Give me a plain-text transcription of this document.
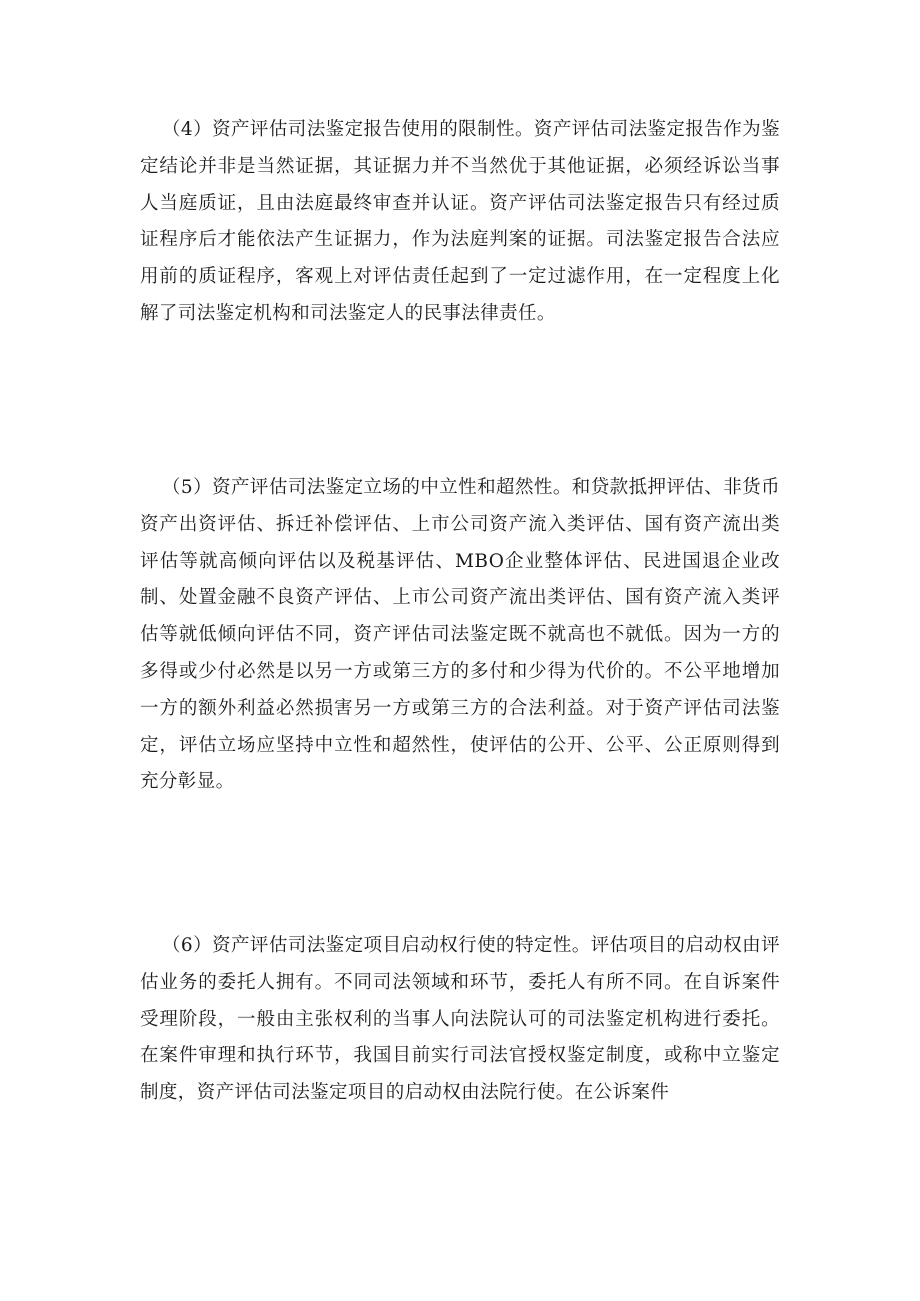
（4）资产评估司法鉴定报告使用的限制性。资产评估司法鉴定报告作为鉴定结论并非是当然证据，其证据力并不当然优于其他证据，必须经诉讼当事人当庭质证，且由法庭最终审查并认证。资产评估司法鉴定报告只有经过质证程序后才能依法产生证据力，作为法庭判案的证据。司法鉴定报告合法应用前的质证程序，客观上对评估责任起到了一定过滤作用，在一定程度上化解了司法鉴定机构和司法鉴定人的民事法律责任。

（5）资产评估司法鉴定立场的中立性和超然性。和贷款抵押评估、非货币资产出资评估、拆迁补偿评估、上市公司资产流入类评估、国有资产流出类评估等就高倾向评估以及税基评估、MBO企业整体评估、民进国退企业改制、处置金融不良资产评估、上市公司资产流出类评估、国有资产流入类评估等就低倾向评估不同，资产评估司法鉴定既不就高也不就低。因为一方的多得或少付必然是以另一方或第三方的多付和少得为代价的。不公平地增加一方的额外利益必然损害另一方或第三方的合法利益。对于资产评估司法鉴定，评估立场应坚持中立性和超然性，使评估的公开、公平、公正原则得到充分彰显。

（6）资产评估司法鉴定项目启动权行使的特定性。评估项目的启动权由评估业务的委托人拥有。不同司法领域和环节，委托人有所不同。在自诉案件受理阶段，一般由主张权利的当事人向法院认可的司法鉴定机构进行委托。在案件审理和执行环节，我国目前实行司法官授权鉴定制度，或称中立鉴定制度，资产评估司法鉴定项目的启动权由法院行使。在公诉案件
